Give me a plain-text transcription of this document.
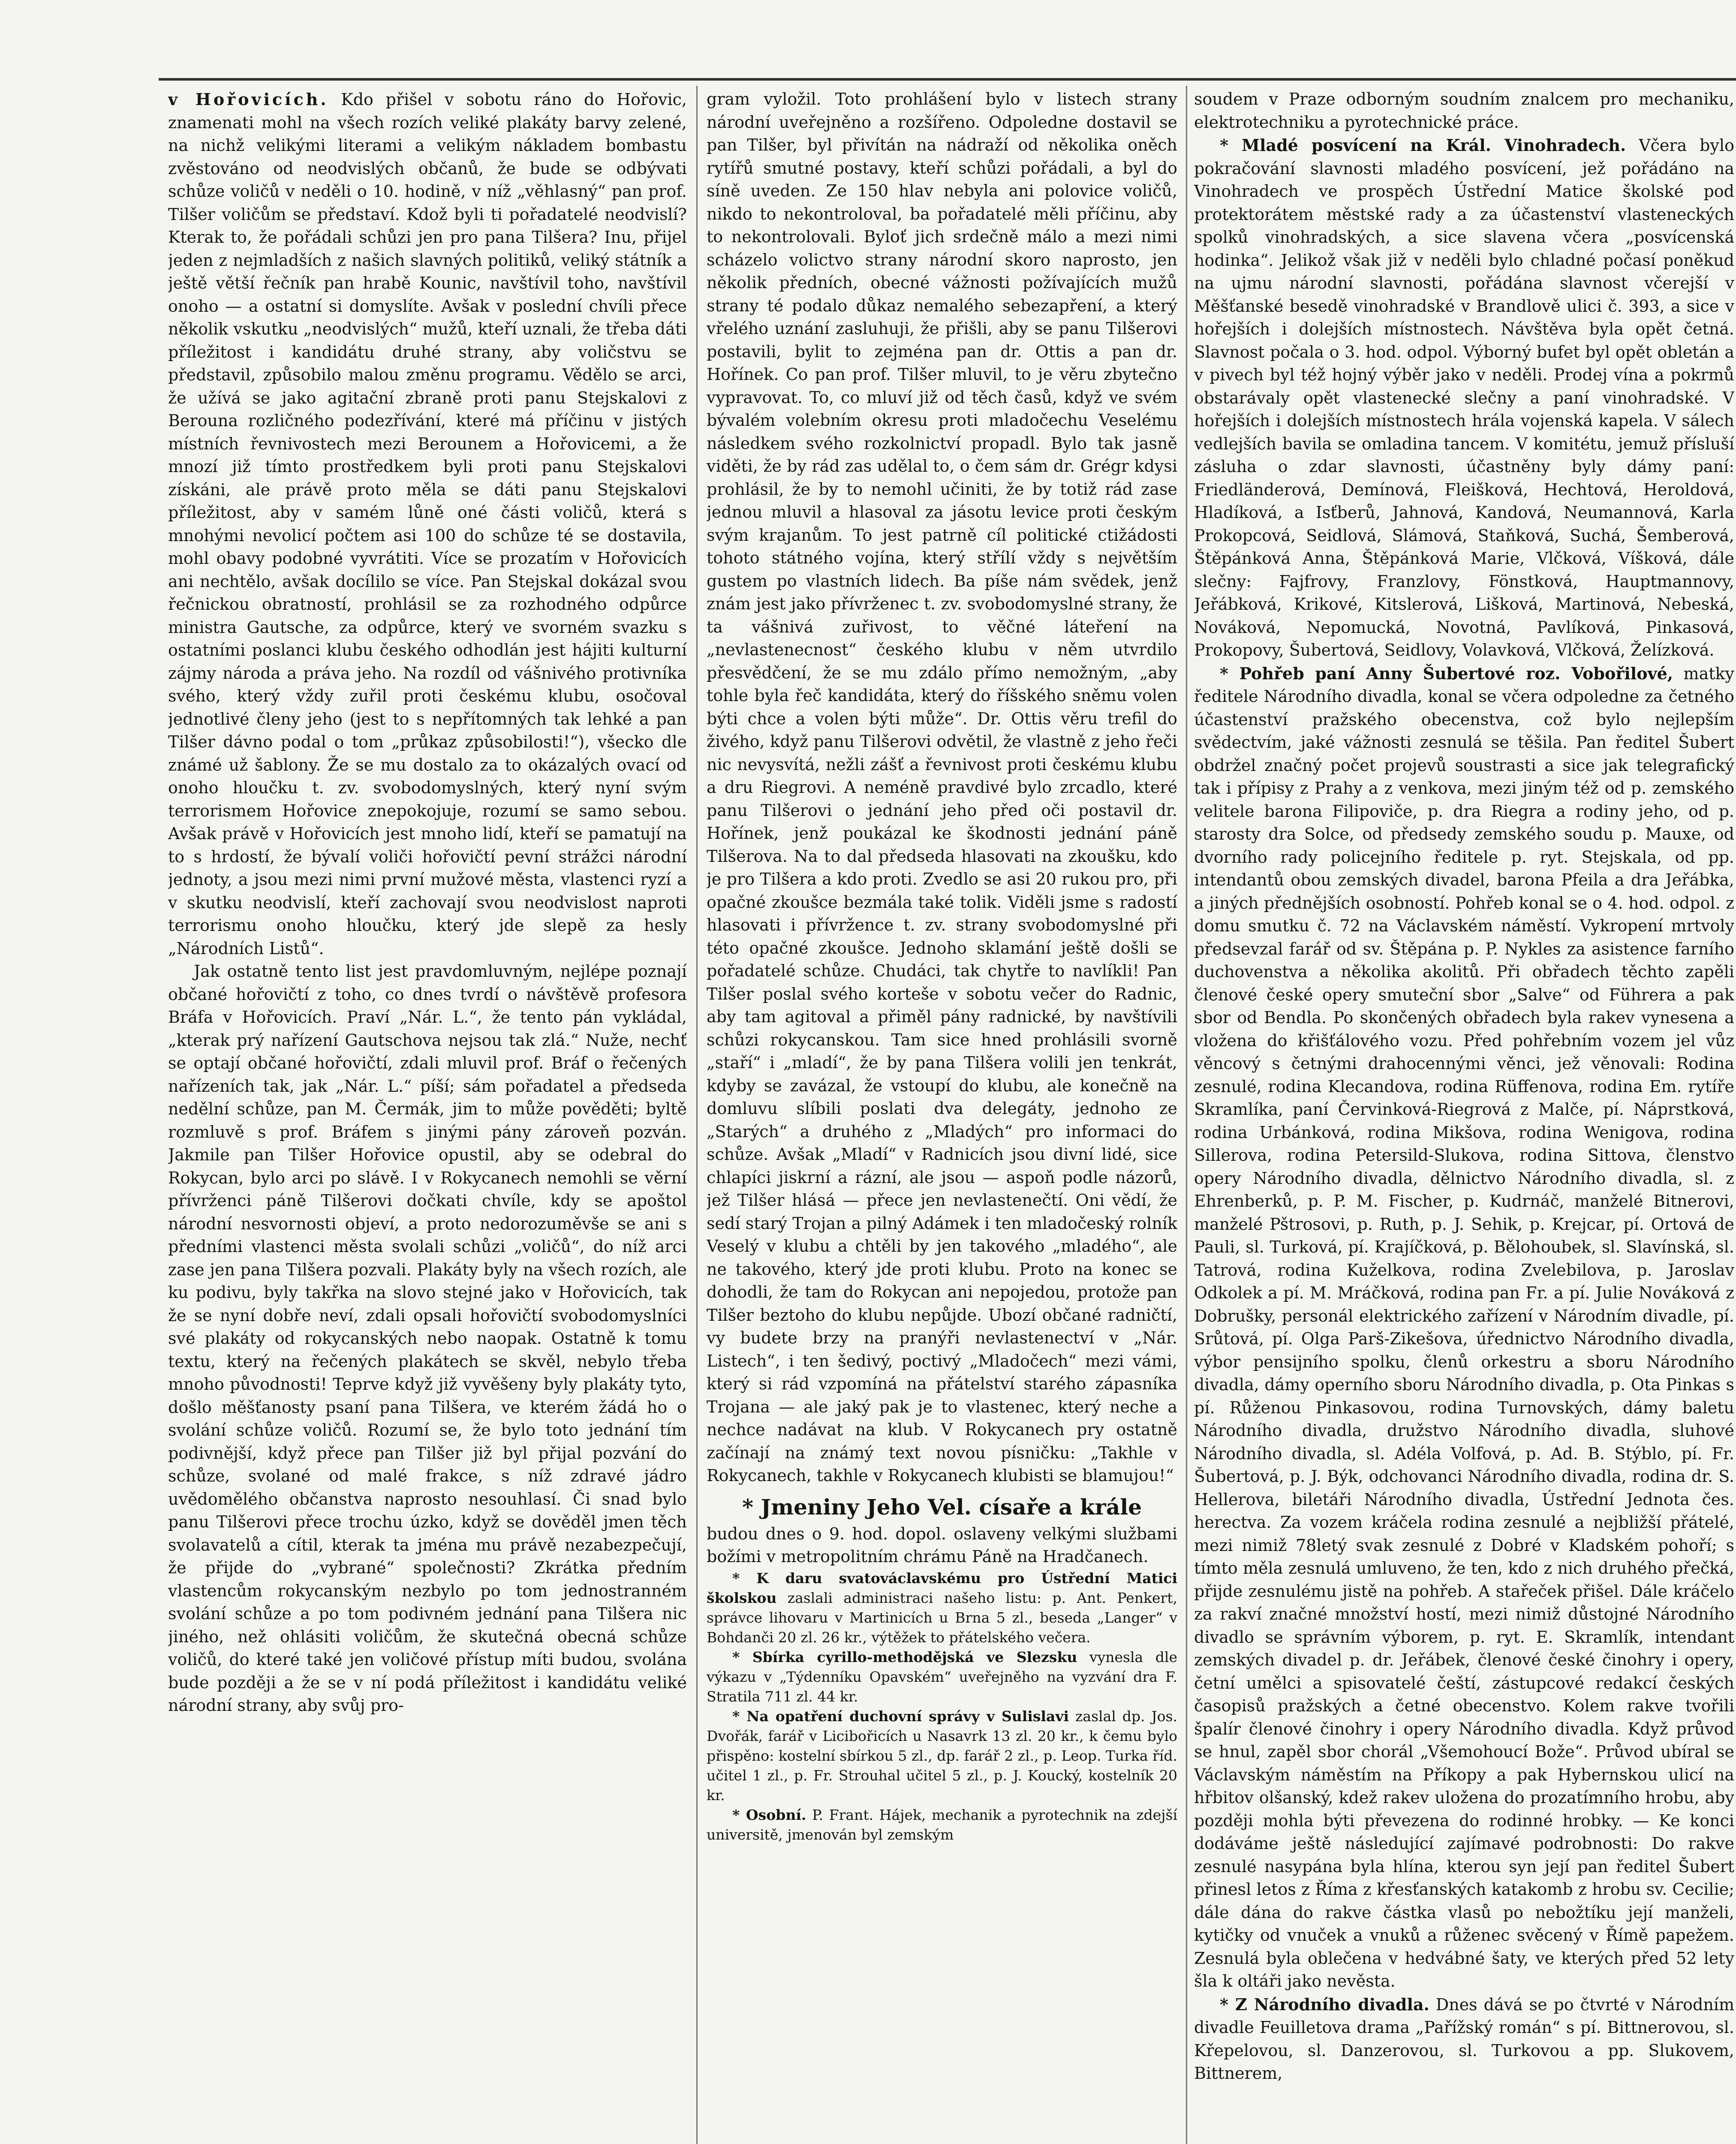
v Hořovicích. Kdo přišel v sobotu ráno do Hořovic, znamenati mohl na všech rozích veliké plakáty barvy zelené, na nichž velikými literami a velikým nákladem bombastu zvěstováno od neodvislých občanů, že bude se odbývati schůze voličů v neděli o 10. hodině, v níž „věhlasný“ pan prof. Tilšer voličům se představí. Kdož byli ti pořadatelé neodvislí? Kterak to, že pořádali schůzi jen pro pana Tilšera? Inu, přijel jeden z nejmladších z našich slavných politiků, veliký státník a ještě větší řečník pan hrabě Kounic, navštívil toho, navštívil onoho — a ostatní si domyslíte. Avšak v poslední chvíli přece několik vskutku „neodvislých“ mužů, kteří uznali, že třeba dáti příležitost i kandidátu druhé strany, aby voličstvu se představil, způsobilo malou změnu programu. Vědělo se arci, že užívá se jako agitační zbraně proti panu Stejskalovi z Berouna rozličného podezřívání, které má příčinu v jistých místních řevnivostech mezi Berounem a Hořovicemi, a že mnozí již tímto prostředkem byli proti panu Stejskalovi získáni, ale právě proto měla se dáti panu Stejskalovi příležitost, aby v samém lůně oné části voličů, která s mnohými nevolicí počtem asi 100 do schůze té se dostavila, mohl obavy podobné vyvrátiti. Více se prozatím v Hořovicích ani nechtělo, avšak docílilo se více. Pan Stejskal dokázal svou řečnickou obratností, prohlásil se za rozhodného odpůrce ministra Gautsche, za odpůrce, který ve svorném svazku s ostatními poslanci klubu českého odhodlán jest hájiti kulturní zájmy národa a práva jeho. Na rozdíl od vášnivého protivníka svého, který vždy zuřil proti českému klubu, osočoval jednotlivé členy jeho (jest to s nepřítomných tak lehké a pan Tilšer dávno podal o tom „průkaz způsobilosti!“), všecko dle známé už šablony. Že se mu dostalo za to okázalých ovací od onoho hloučku t. zv. svobodomyslných, který nyní svým terrorismem Hořovice znepokojuje, rozumí se samo sebou. Avšak právě v Hořovicích jest mnoho lidí, kteří se pamatují na to s hrdostí, že bývalí voliči hořovičtí pevní strážci národní jednoty, a jsou mezi nimi první mužové města, vlastenci ryzí a v skutku neodvislí, kteří zachovají svou neodvislost naproti terrorismu onoho hloučku, který jde slepě za hesly „Národních Listů“.

Jak ostatně tento list jest pravdomluvným, nejlépe poznají občané hořovičtí z toho, co dnes tvrdí o návštěvě profesora Bráfa v Hořovicích. Praví „Nár. L.“, že tento pán vykládal, „kterak prý nařízení Gautschova nejsou tak zlá.“ Nuže, nechť se optají občané hořovičtí, zdali mluvil prof. Bráf o řečených nařízeních tak, jak „Nár. L.“ píší; sám pořadatel a předseda nedělní schůze, pan M. Čermák, jim to může pověděti; byltě rozmluvě s prof. Bráfem s jinými pány zároveň pozván. Jakmile pan Tilšer Hořovice opustil, aby se odebral do Rokycan, bylo arci po slávě. I v Rokycanech nemohli se věrní přívrženci páně Tilšerovi dočkati chvíle, kdy se apoštol národní nesvornosti objeví, a proto nedorozuměvše se ani s předními vlastenci města svolali schůzi „voličů“, do níž arci zase jen pana Tilšera pozvali. Plakáty byly na všech rozích, ale ku podivu, byly takřka na slovo stejné jako v Hořovicích, tak že se nyní dobře neví, zdali opsali hořovičtí svobodomyslníci své plakáty od rokycanských nebo naopak. Ostatně k tomu textu, který na řečených plakátech se skvěl, nebylo třeba mnoho původnosti! Teprve když již vyvěšeny byly plakáty tyto, došlo měšťanosty psaní pana Tilšera, ve kterém žádá ho o svolání schůze voličů. Rozumí se, že bylo toto jednání tím podivnější, když přece pan Tilšer již byl přijal pozvání do schůze, svolané od malé frakce, s níž zdravé jádro uvědomělého občanstva naprosto nesouhlasí. Či snad bylo panu Tilšerovi přece trochu úzko, když se dověděl jmen těch svolavatelů a cítil, kterak ta jména mu právě nezabezpečují, že přijde do „vybrané“ společnosti? Zkrátka předním vlastencům rokycanským nezbylo po tom jednostranném svolání schůze a po tom podivném jednání pana Tilšera nic jiného, než ohlásiti voličům, že skutečná obecná schůze voličů, do které také jen voličové přístup míti budou, svolána bude později a že se v ní podá příležitost i kandidátu veliké národní strany, aby svůj pro-

gram vyložil. Toto prohlášení bylo v listech strany národní uveřejněno a rozšířeno. Odpoledne dostavil se pan Tilšer, byl přivítán na nádraží od několika oněch rytířů smutné postavy, kteří schůzi pořádali, a byl do síně uveden. Ze 150 hlav nebyla ani polovice voličů, nikdo to nekontroloval, ba pořadatelé měli příčinu, aby to nekontrolovali. Byloť jich srdečně málo a mezi nimi scházelo volictvo strany národní skoro naprosto, jen několik předních, obecné vážnosti požívajících mužů strany té podalo důkaz nemalého sebezapření, a který vřelého uznání zasluhuji, že přišli, aby se panu Tilšerovi postavili, bylit to zejména pan dr. Ottis a pan dr. Hořínek. Co pan prof. Tilšer mluvil, to je věru zbytečno vypravovat. To, co mluví již od těch časů, když ve svém bývalém volebním okresu proti mladočechu Veselému následkem svého rozkolnictví propadl. Bylo tak jasně viděti, že by rád zas udělal to, o čem sám dr. Grégr kdysi prohlásil, že by to nemohl učiniti, že by totiž rád zase jednou mluvil a hlasoval za jásotu levice proti českým svým krajanům. To jest patrně cíl politické ctižádosti tohoto státného vojína, který střílí vždy s největším gustem po vlastních lidech. Ba píše nám svědek, jenž znám jest jako přívrženec t. zv. svobodomyslné strany, že ta vášnivá zuřivost, to věčné láteření na „nevlastenecnost“ českého klubu v něm utvrdilo přesvědčení, že se mu zdálo přímo nemožným, „aby tohle byla řeč kandidáta, který do říšského sněmu volen býti chce a volen býti může“. Dr. Ottis věru trefil do živého, když panu Tilšerovi odvětil, že vlastně z jeho řeči nic nevysvítá, nežli zášť a řevnivost proti českému klubu a dru Riegrovi. A neméně pravdivé bylo zrcadlo, které panu Tilšerovi o jednání jeho před oči postavil dr. Hořínek, jenž poukázal ke škodnosti jednání páně Tilšerova. Na to dal předseda hlasovati na zkoušku, kdo je pro Tilšera a kdo proti. Zvedlo se asi 20 rukou pro, při opačné zkoušce bezmála také tolik. Viděli jsme s radostí hlasovati i přívržence t. zv. strany svobodomyslné při této opačné zkoušce. Jednoho sklamání ještě došli se pořadatelé schůze. Chudáci, tak chytře to navlíkli! Pan Tilšer poslal svého korteše v sobotu večer do Radnic, aby tam agitoval a přiměl pány radnické, by navštívili schůzi rokycanskou. Tam sice hned prohlásili svorně „staří“ i „mladí“, že by pana Tilšera volili jen tenkrát, kdyby se zavázal, že vstoupí do klubu, ale konečně na domluvu slíbili poslati dva delegáty, jednoho ze „Starých“ a druhého z „Mladých“ pro informaci do schůze. Avšak „Mladí“ v Radnicích jsou divní lidé, sice chlapíci jiskrní a rázní, ale jsou — aspoň podle názorů, jež Tilšer hlásá — přece jen nevlastenečtí. Oni vědí, že sedí starý Trojan a pilný Adámek i ten mladočeský rolník Veselý v klubu a chtěli by jen takového „mladého“, ale ne takového, který jde proti klubu. Proto na konec se dohodli, že tam do Rokycan ani nepojedou, protože pan Tilšer beztoho do klubu nepůjde. Ubozí občané radničtí, vy budete brzy na pranýři nevlastenectví v „Nár. Listech“, i ten šedivý, poctivý „Mladočech“ mezi vámi, který si rád vzpomíná na přátelství starého zápasníka Trojana — ale jaký pak je to vlastenec, který neche a nechce nadávat na klub. V Rokycanech pry ostatně začínají na známý text novou písničku: „Takhle v Rokycanech, takhle v Rokycanech klubisti se blamujou!“

* Jmeniny Jeho Vel. císaře a krále

budou dnes o 9. hod. dopol. oslaveny velkými službami božími v metropolitním chrámu Páně na Hradčanech.

* K daru svatováclavskému pro Ústřední Matici školskou zaslali administraci našeho listu: p. Ant. Penkert, správce lihovaru v Martinicích u Brna 5 zl., beseda „Langer“ v Bohdanči 20 zl. 26 kr., výtěžek to přátelského večera.

* Sbírka cyrillo-methodějská ve Slezsku vynesla dle výkazu v „Týdenníku Opavském“ uveřejněho na vyzvání dra F. Stratila 711 zl. 44 kr.

* Na opatření duchovní správy v Sulislavi zaslal dp. Jos. Dvořák, farář v Licibořicích u Nasavrk 13 zl. 20 kr., k čemu bylo přispěno: kostelní sbírkou 5 zl., dp. farář 2 zl., p. Leop. Turka říd. učitel 1 zl., p. Fr. Strouhal učitel 5 zl., p. J. Koucký, kostelník 20 kr.

* Osobní. P. Frant. Hájek, mechanik a pyrotechnik na zdejší universitě, jmenován byl zemským

soudem v Praze odborným soudním znalcem pro mechaniku, elektrotechniku a pyrotechnické práce.

* Mladé posvícení na Král. Vinohradech. Včera bylo pokračování slavnosti mladého posvícení, jež pořádáno na Vinohradech ve prospěch Ústřední Matice školské pod protektorátem městské rady a za účastenství vlasteneckých spolků vinohradských, a sice slavena včera „posvícenská hodinka“. Jelikož však již v neděli bylo chladné počasí poněkud na ujmu národní slavnosti, pořádána slavnost včerejší v Měšťanské besedě vinohradské v Brandlově ulici č. 393, a sice v hořejších i dolejších místnostech. Návštěva byla opět četná. Slavnost počala o 3. hod. odpol. Výborný bufet byl opět obletán a v pivech byl též hojný výběr jako v neděli. Prodej vína a pokrmů obstarávaly opět vlastenecké slečny a paní vinohradské. V hořejších i dolejších místnostech hrála vojenská kapela. V sálech vedlejších bavila se omladina tancem. V komitétu, jemuž přísluší zásluha o zdar slavnosti, účastněny byly dámy paní: Friedländerová, Demínová, Fleišková, Hechtová, Heroldová, Hladíková, a Isťberů, Jahnová, Kandová, Neumannová, Karla Prokopcová, Seidlová, Slámová, Staňková, Suchá, Šemberová, Štěpánková Anna, Štěpánková Marie, Vlčková, Víšková, dále slečny: Fajfrovy, Franzlovy, Fönstková, Hauptmannovy, Jeřábková, Krikové, Kitslerová, Lišková, Martinová, Nebeská, Nováková, Nepomucká, Novotná, Pavlíková, Pinkasová, Prokopovy, Šubertová, Seidlovy, Volavková, Vlčková, Želízková.

* Pohřeb paní Anny Šubertové roz. Vobořilové, matky ředitele Národního divadla, konal se včera odpoledne za četného účastenství pražského obecenstva, což bylo nejlepším svědectvím, jaké vážnosti zesnulá se těšila. Pan ředitel Šubert obdržel značný počet projevů soustrasti a sice jak telegrafický tak i přípisy z Prahy a z venkova, mezi jiným též od p. zemského velitele barona Filipoviče, p. dra Riegra a rodiny jeho, od p. starosty dra Solce, od předsedy zemského soudu p. Mauxe, od dvorního rady policejního ředitele p. ryt. Stejskala, od pp. intendantů obou zemských divadel, barona Pfeila a dra Jeřábka, a jiných přednějších osobností. Pohřeb konal se o 4. hod. odpol. z domu smutku č. 72 na Václavském náměstí. Vykropení mrtvoly předsevzal farář od sv. Štěpána p. P. Nykles za asistence farního duchovenstva a několika akolitů. Při obřadech těchto zapěli členové české opery smuteční sbor „Salve“ od Führera a pak sbor od Bendla. Po skončených obřadech byla rakev vynesena a vložena do křišťálového vozu. Před pohřebním vozem jel vůz věncový s četnými drahocennými věnci, jež věnovali: Rodina zesnulé, rodina Klecandova, rodina Rüffenova, rodina Em. rytíře Skramlíka, paní Červinková-Riegrová z Malče, pí. Náprstková, rodina Urbánková, rodina Mikšova, rodina Wenigova, rodina Sillerova, rodina Petersild-Slukova, rodina Sittova, členstvo opery Národního divadla, dělnictvo Národního divadla, sl. z Ehrenberků, p. P. M. Fischer, p. Kudrnáč, manželé Bitnerovi, manželé Pštrosovi, p. Ruth, p. J. Sehik, p. Krejcar, pí. Ortová de Pauli, sl. Turková, pí. Krajíčková, p. Bělohoubek, sl. Slavínská, sl. Tatrová, rodina Kuželkova, rodina Zvelebilova, p. Jaroslav Odkolek a pí. M. Mráčková, rodina pan Fr. a pí. Julie Nováková z Dobrušky, personál elektrického zařízení v Národním divadle, pí. Srůtová, pí. Olga Parš-Zikešova, úřednictvo Národního divadla, výbor pensijního spolku, členů orkestru a sboru Národního divadla, dámy operního sboru Národního divadla, p. Ota Pinkas s pí. Růženou Pinkasovou, rodina Turnovských, dámy baletu Národního divadla, družstvo Národního divadla, sluhové Národního divadla, sl. Adéla Volfová, p. Ad. B. Stýblo, pí. Fr. Šubertová, p. J. Býk, odchovanci Národního divadla, rodina dr. S. Hellerova, biletáři Národního divadla, Ústřední Jednota čes. herectva. Za vozem kráčela rodina zesnulé a nejbližší přátelé, mezi nimiž 78letý svak zesnulé z Dobré v Kladském pohoří; s tímto měla zesnulá umluveno, že ten, kdo z nich druhého přečká, přijde zesnulému jistě na pohřeb. A stařeček přišel. Dále kráčelo za rakví značné množství hostí, mezi nimiž důstojné Národního divadlo se správním výborem, p. ryt. E. Skramlík, intendant zemských divadel p. dr. Jeřábek, členové české činohry i opery, četní umělci a spisovatelé čeští, zástupcové redakcí českých časopisů pražských a četné obecenstvo. Kolem rakve tvořili špalír členové činohry i opery Národního divadla. Když průvod se hnul, zapěl sbor chorál „Všemohoucí Bože“. Průvod ubíral se Václavským náměstím na Příkopy a pak Hybernskou ulicí na hřbitov olšanský, kdež rakev uložena do prozatímního hrobu, aby později mohla býti převezena do rodinné hrobky. — Ke konci dodáváme ještě následující zajímavé podrobnosti: Do rakve zesnulé nasypána byla hlína, kterou syn její pan ředitel Šubert přinesl letos z Říma z křesťanských katakomb z hrobu sv. Cecilie; dále dána do rakve částka vlasů po nebožtíku její manželi, kytičky od vnuček a vnuků a růženec svěcený v Římě papežem. Zesnulá byla oblečena v hedvábné šaty, ve kterých před 52 lety šla k oltáři jako nevěsta.

* Z Národního divadla. Dnes dává se po čtvrté v Národním divadle Feuilletova drama „Pařížský román“ s pí. Bittnerovou, sl. Křepelovou, sl. Danzerovou, sl. Turkovou a pp. Slukovem, Bittnerem,
